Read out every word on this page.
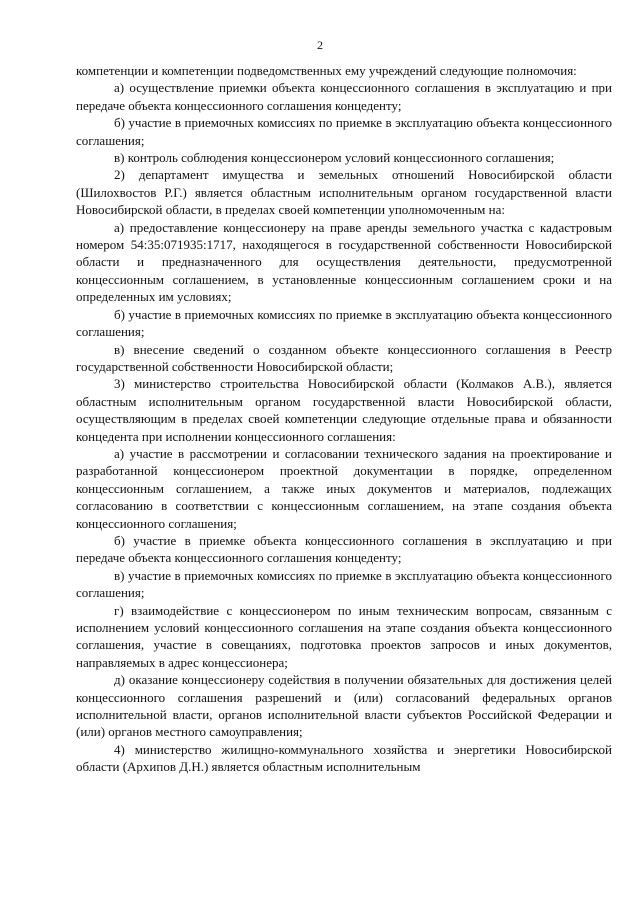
2

компетенции и компетенции подведомственных ему учреждений следующие полномочия:

а) осуществление приемки объекта концессионного соглашения в эксплуатацию и при передаче объекта концессионного соглашения концеденту;

б) участие в приемочных комиссиях по приемке в эксплуатацию объекта концессионного соглашения;

в) контроль соблюдения концессионером условий концессионного соглашения;

2) департамент имущества и земельных отношений Новосибирской области (Шилохвостов Р.Г.) является областным исполнительным органом государственной власти Новосибирской области, в пределах своей компетенции уполномоченным на:

а) предоставление концессионеру на праве аренды земельного участка с кадастровым номером 54:35:071935:1717, находящегося в государственной собственности Новосибирской области и предназначенного для осуществления деятельности, предусмотренной концессионным соглашением, в установленные концессионным соглашением сроки и на определенных им условиях;

б) участие в приемочных комиссиях по приемке в эксплуатацию объекта концессионного соглашения;

в) внесение сведений о созданном объекте концессионного соглашения в Реестр государственной собственности Новосибирской области;

3) министерство строительства Новосибирской области (Колмаков А.В.), является областным исполнительным органом государственной власти Новосибирской области, осуществляющим в пределах своей компетенции следующие отдельные права и обязанности концедента при исполнении концессионного соглашения:

а) участие в рассмотрении и согласовании технического задания на проектирование и разработанной концессионером проектной документации в порядке, определенном концессионным соглашением, а также иных документов и материалов, подлежащих согласованию в соответствии с концессионным соглашением, на этапе создания объекта концессионного соглашения;

б) участие в приемке объекта концессионного соглашения в эксплуатацию и при передаче объекта концессионного соглашения концеденту;

в) участие в приемочных комиссиях по приемке в эксплуатацию объекта концессионного соглашения;

г) взаимодействие с концессионером по иным техническим вопросам, связанным с исполнением условий концессионного соглашения на этапе создания объекта концессионного соглашения, участие в совещаниях, подготовка проектов запросов и иных документов, направляемых в адрес концессионера;

д) оказание концессионеру содействия в получении обязательных для достижения целей концессионного соглашения разрешений и (или) согласований федеральных органов исполнительной власти, органов исполнительной власти субъектов Российской Федерации и (или) органов местного самоуправления;

4) министерство жилищно-коммунального хозяйства и энергетики Новосибирской области (Архипов Д.Н.) является областным исполнительным
